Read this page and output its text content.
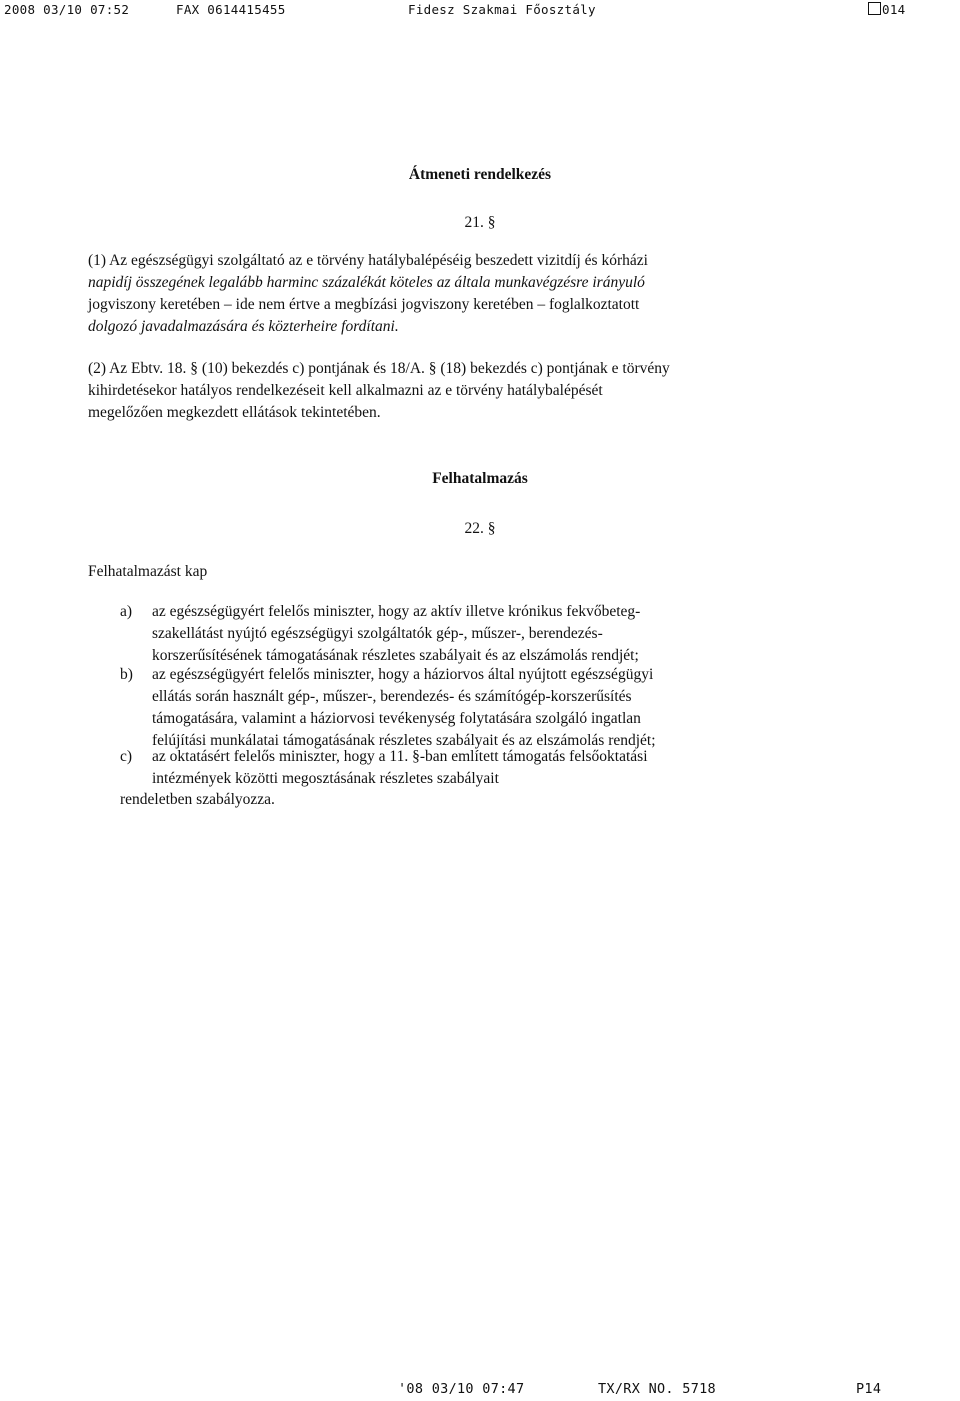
2008 03/10 07:52	FAX 0614415455	Fidesz Szakmai Főosztály	014
Átmeneti rendelkezés
21. §
(1) Az egészségügyi szolgáltató az e törvény hatálybalépéséig beszedett vizitdíj és kórházi
napidíj összegének legalább harminc százalékát köteles az általa munkavégzésre irányuló
jogviszony keretében – ide nem értve a megbízási jogviszony keretében – foglalkoztatott
dolgozó javadalmazására és közterheire fordítani.
(2) Az Ebtv. 18. § (10) bekezdés c) pontjának és 18/A. § (18) bekezdés c) pontjának e törvény
kihirdetésekor hatályos rendelkezéseit kell alkalmazni az e törvény hatálybalépését
megelőzően megkezdett ellátások tekintetében.
Felhatalmazás
22. §
Felhatalmazást kap
a) az egészségügyért felelős miniszter, hogy az aktív illetve krónikus fekvőbeteg-
szakellátást nyújtó egészségügyi szolgáltatók gép-, műszer-, berendezés-
korszerűsítésének támogatásának részletes szabályait és az elszámolás rendjét;
b) az egészségügyért felelős miniszter, hogy a háziorvos által nyújtott egészségügyi
ellátás során használt gép-, műszer-, berendezés- és számítógép-korszerűsítés
támogatására, valamint a háziorvosi tevékenység folytatására szolgáló ingatlan
felújítási munkálatai támogatásának részletes szabályait és az elszámolás rendjét;
c) az oktatásért felelős miniszter, hogy a 11. §-ban említett támogatás felsőoktatási
intézmények közötti megosztásának részletes szabályait
rendeletben szabályozza.
'08 03/10 07:47	TX/RX NO. 5718	P14
